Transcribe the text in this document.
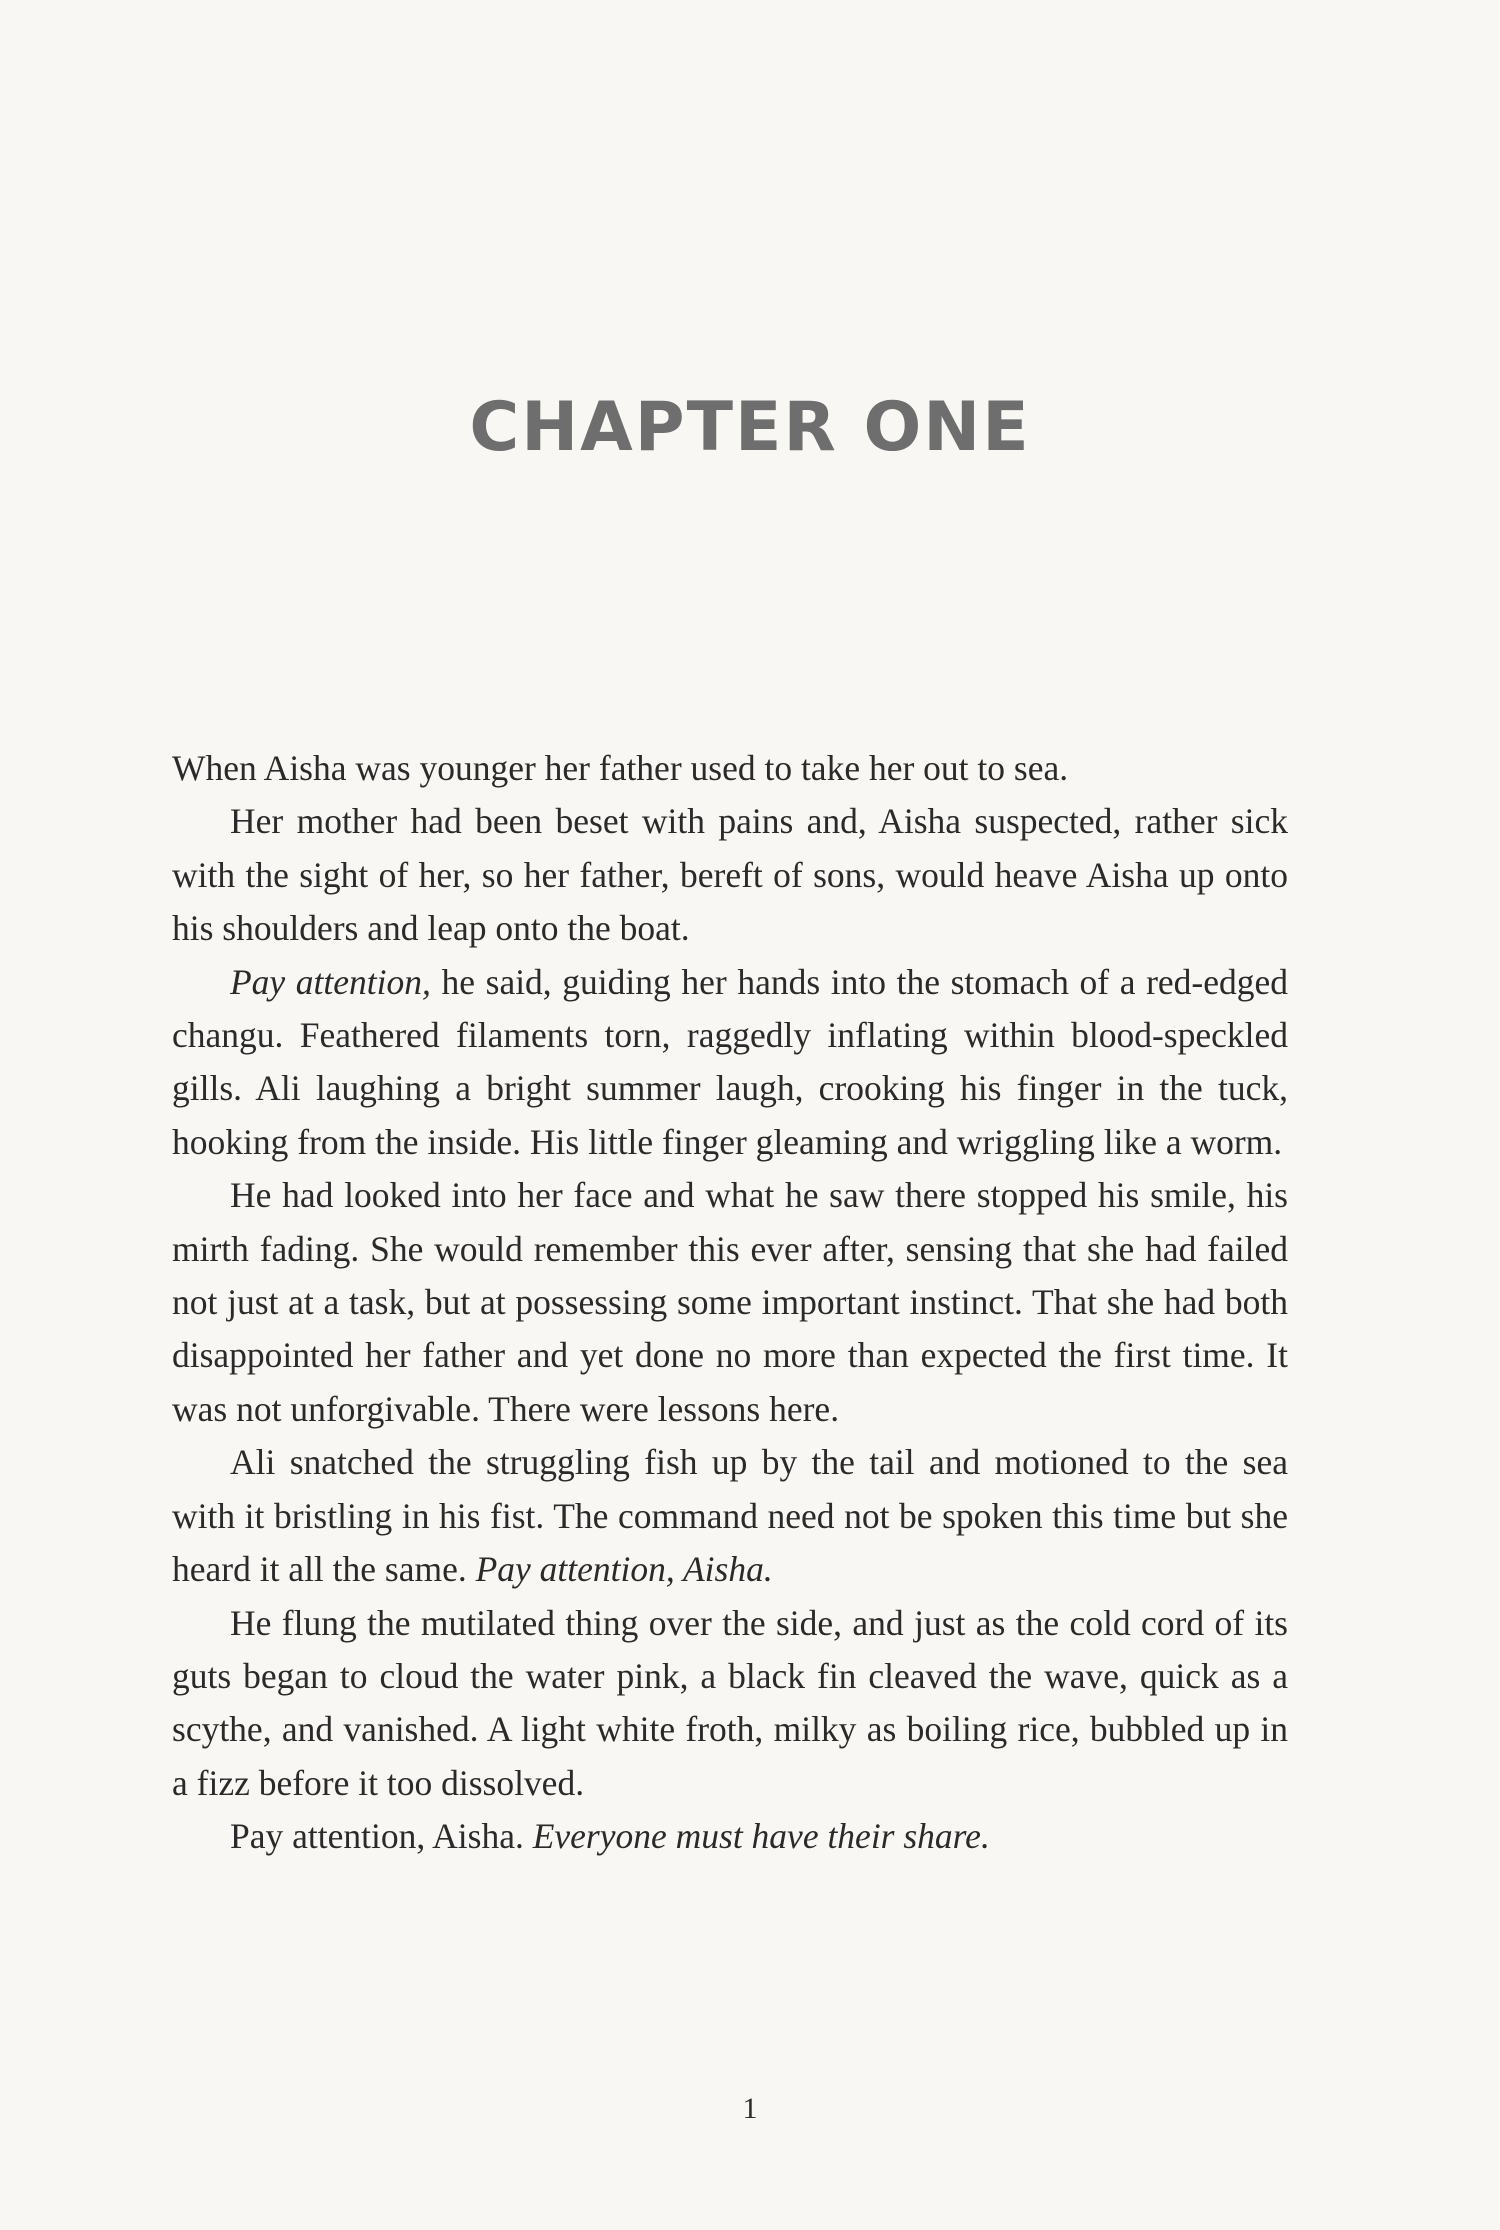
CHAPTER ONE

When Aisha was younger her father used to take her out to sea.

Her mother had been beset with pains and, Aisha suspected, rather sick with the sight of her, so her father, bereft of sons, would heave Aisha up onto his shoulders and leap onto the boat.

Pay attention, he said, guiding her hands into the stomach of a red-edged changu. Feathered filaments torn, raggedly inflating within blood-speckled gills. Ali laughing a bright summer laugh, crooking his finger in the tuck, hooking from the inside. His little finger gleaming and wriggling like a worm.

He had looked into her face and what he saw there stopped his smile, his mirth fading. She would remember this ever after, sensing that she had failed not just at a task, but at possessing some important instinct. That she had both disappointed her father and yet done no more than expected the first time. It was not unforgivable. There were lessons here.

Ali snatched the struggling fish up by the tail and motioned to the sea with it bristling in his fist. The command need not be spoken this time but she heard it all the same. Pay attention, Aisha.

He flung the mutilated thing over the side, and just as the cold cord of its guts began to cloud the water pink, a black fin cleaved the wave, quick as a scythe, and vanished. A light white froth, milky as boiling rice, bubbled up in a fizz before it too dissolved.

Pay attention, Aisha. Everyone must have their share.

1
